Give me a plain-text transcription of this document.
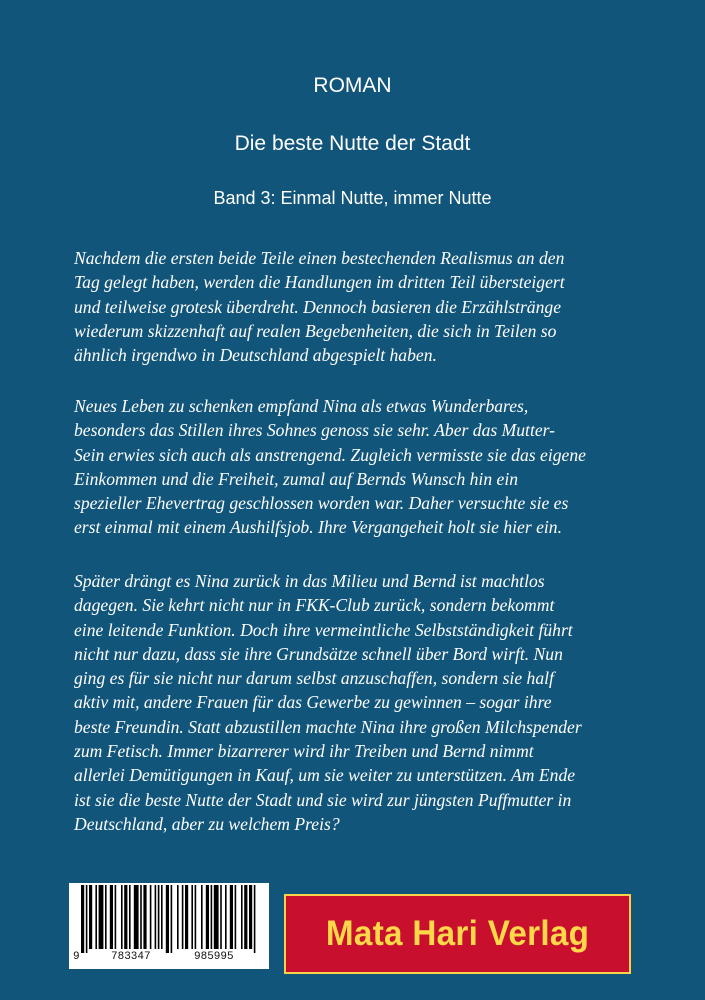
ROMAN
Die beste Nutte der Stadt
Band 3: Einmal Nutte, immer Nutte
Nachdem die ersten beide Teile einen bestechenden Realismus an den
Tag gelegt haben, werden die Handlungen im dritten Teil übersteigert
und teilweise grotesk überdreht. Dennoch basieren die Erzählstränge
wiederum skizzenhaft auf realen Begebenheiten, die sich in Teilen so
ähnlich irgendwo in Deutschland abgespielt haben.
Neues Leben zu schenken empfand Nina als etwas Wunderbares,
besonders das Stillen ihres Sohnes genoss sie sehr. Aber das Mutter-
Sein erwies sich auch als anstrengend. Zugleich vermisste sie das eigene
Einkommen und die Freiheit, zumal auf Bernds Wunsch hin ein
spezieller Ehevertrag geschlossen worden war. Daher versuchte sie es
erst einmal mit einem Aushilfsjob. Ihre Vergangeheit holt sie hier ein.
Später drängt es Nina zurück in das Milieu und Bernd ist machtlos
dagegen. Sie kehrt nicht nur in FKK-Club zurück, sondern bekommt
eine leitende Funktion. Doch ihre vermeintliche Selbstständigkeit führt
nicht nur dazu, dass sie ihre Grundsätze schnell über Bord wirft. Nun
ging es für sie nicht nur darum selbst anzuschaffen, sondern sie half
aktiv mit, andere Frauen für das Gewerbe zu gewinnen – sogar ihre
beste Freundin. Statt abzustillen machte Nina ihre großen Milchspender
zum Fetisch. Immer bizarrerer wird ihr Treiben und Bernd nimmt
allerlei Demütigungen in Kauf, um sie weiter zu unterstützen. Am Ende
ist sie die beste Nutte der Stadt und sie wird zur jüngsten Puffmutter in
Deutschland, aber zu welchem Preis?
9	783347	985995
Mata Hari Verlag
